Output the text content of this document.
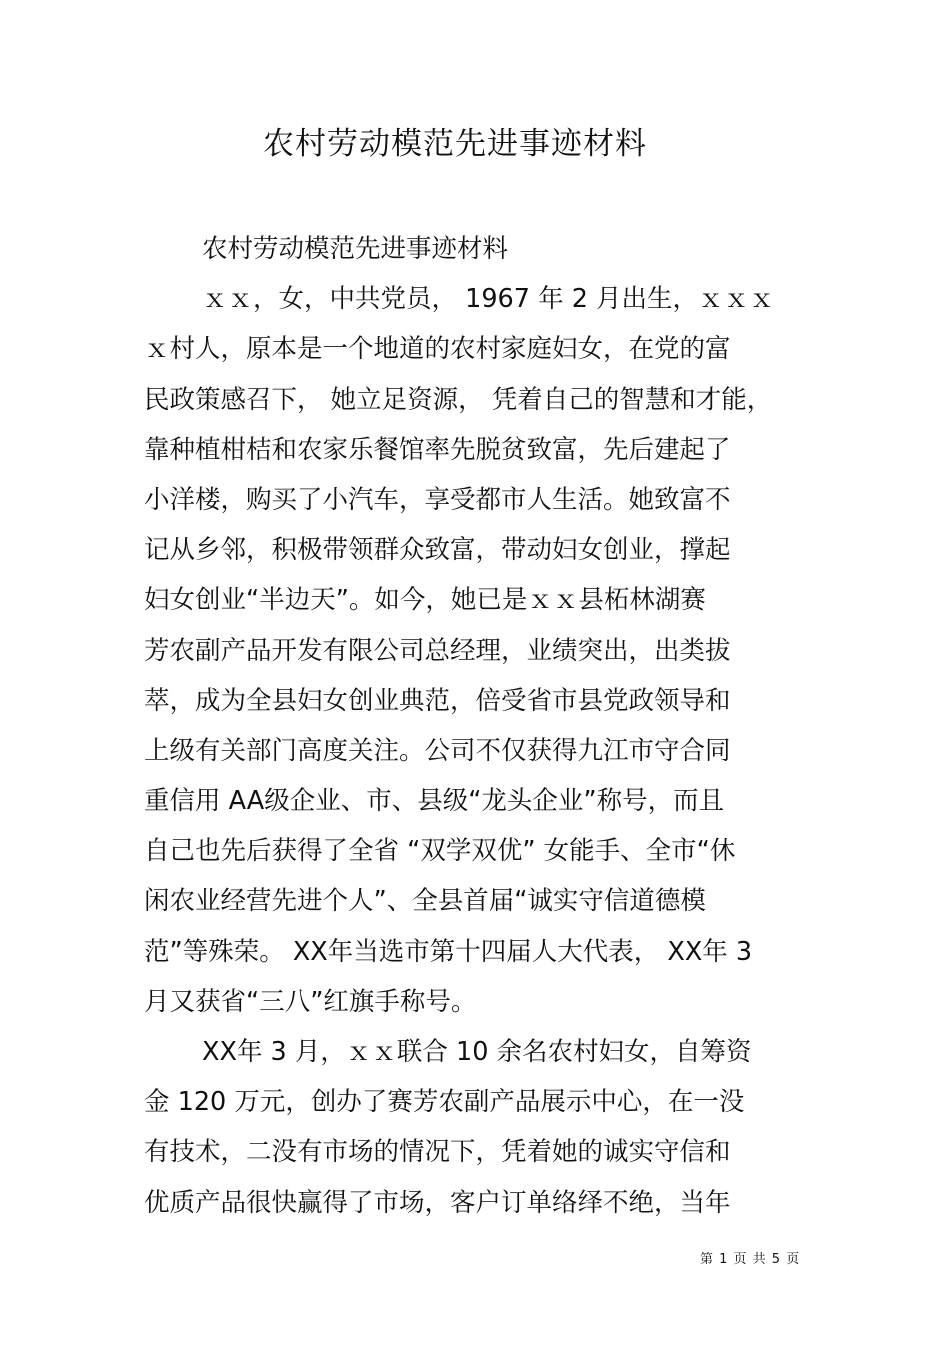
农村劳动模范先进事迹材料
农村劳动模范先进事迹材料
ｘｘ，女，中共党员， 1967 年 2 月出生，ｘｘｘ
ｘ村人，原本是一个地道的农村家庭妇女，在党的富
民政策感召下， 她立足资源， 凭着自己的智慧和才能，
靠种植柑桔和农家乐餐馆率先脱贫致富，先后建起了
小洋楼，购买了小汽车，享受都市人生活。她致富不
记从乡邻，积极带领群众致富，带动妇女创业，撑起
妇女创业“半边天”。如今，她已是ｘｘ县柘林湖赛
芳农副产品开发有限公司总经理，业绩突出，出类拔
萃，成为全县妇女创业典范，倍受省市县党政领导和
上级有关部门高度关注。公司不仅获得九江市守合同
重信用 AA级企业、市、县级“龙头企业”称号，而且
自己也先后获得了全省 “双学双优” 女能手、全市“休
闲农业经营先进个人”、全县首届“诚实守信道德模
范”等殊荣。 XX年当选市第十四届人大代表， XX年 3
月又获省“三八”红旗手称号。
XX年 3 月，ｘｘ联合 10 余名农村妇女，自筹资
金 120 万元，创办了赛芳农副产品展示中心，在一没
有技术，二没有市场的情况下，凭着她的诚实守信和
优质产品很快赢得了市场，客户订单络绎不绝，当年
第 1 页 共 5 页
